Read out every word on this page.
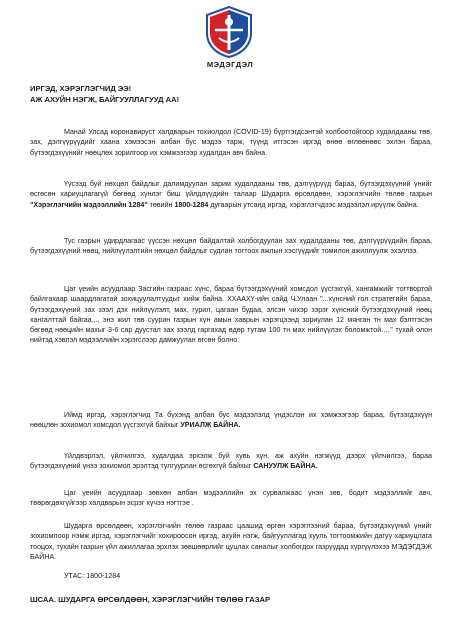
МЭДЭГДЭЛ
ИРГЭД, ХЭРЭГЛЭГЧИД ЭЭ!
АЖ АХУЙН НЭГЖ, БАЙГУУЛЛАГУУД АА!
Манай Улсад коронавируст халдварын тохиолдол (COVID-19) бүртгэгдсэнтэй холбоотойгоор худалдааны төв, зах, дэлгүүрүүдийг хаана хэмээсэн албан бус мэдээ тарж, түүнд итгэсэн иргэд өнөө өглөөнөөс эхлэн бараа, бүтээгдэхүүнийг нөөцлөх зорилгоор их хэмжээгээр худалдан авч байна.
Үүсээд буй нөхцөл байдлыг далимдуулан зарим худалдааны төв, дэлгүүрүүд бараа, бүтээгдэхүүний үнийг өсгөсөн хариуцлагагүй бөгөөд хүнлэг биш үйлдлүүдийн талаар Шударга өрсөлдөөн, хэрэглэгчийн төлөө газрын "Хэрэглэгчийн мэдээллийн 1284" төвийн 1800-1284 дугаарын утсанд иргэд, хэрэглэгчдээс мэдээлэл ирүүлж байна.
Тус газрын удирдлагаас үүссэн нөхцөл байдалтай холбогдуулан зах худалдааны төв, дэлгүүрүүдийн бараа, бүтээгдэхүүний нөөц, нийлүүлэлтийн нөхцөл байдлыг судлан тогтоох ажлын хэсгүүдийг томилон ажиллуулж эхэллээ.
Цаг үеийн асуудлаар Засгийн газраас хүнс, бараа бүтээгдэхүүний хомсдол үүсгэхгүй, хангамжийг тогтвортой байлгахаар шаардлагатай зохицуулалтуудыг хийж байна. ХХААХҮ-ийн сайд Ч.Улаан "...хүнсний гол стратегийн бараа, бүтээгдэхүүний зах зээл дэх нийлүүлэлт, мах, гурил, цагаан будаа, элсэн чихэр зэрэг хүнсний бүтээгдэхүүний нөөц хангалттай байгаа..., энэ жил төв суурин газрын хүн амын хаврын хэрэгцээнд зориулан 12 мянган тн мах бэлтгэсэн бөгөөд нөөцийн махыг 3-6 сар дуустал зах зээлд гаргахад өдөр тутам 100 тн мах нийлүүлэх боломжтой.…" тухай олон нийтэд хэвлэл мэдээллийн хэрэгслээр дамжуулан өгсөн болно.
Иймд иргэд, хэрэглэгчид Та бүхэнд албан бус мэдээлэлд үндэслэн их хэмжээгээр бараа, бүтээгдэхүүн нөөцлөн зохиомол хомсдол үүсгэхгүй байхыг УРИАЛЖ БАЙНА.
Үйлдвэрлэл, үйлчилгээ, худалдаа эрхэлж буй хувь хүн, аж ахуйн нэгжүүд дээрх үйлчилгээ, бараа бүтээгдэхүүний үнээ зохиомол эрэлтэд тулгуурлан өсгөхгүй байхыг САНУУЛЖ БАЙНА.
Цаг үеийн асуудлаар зөвхөн албан мэдээллийн эх сурвалжаас үнэн зөв, бодит мэдээллийг авч, төөрөгдөхгүйгээр халдварын эсрэг хүчээ нэгтгэе .
Шударга өрсөлдөөн, хэрэглэгчийн төлөө газраас цаашид өргөн хэрэглээний бараа, бүтээгдэхүүний үнийг зохиомлоор нэмж иргэд, хэрэглэгчийг хохироосон иргэд, ахуйн нэгж, байгууллагад хууль тогтоомжийн дагуу хариуцлага тооцох, тухайн газрын үйл ажиллагаа эрхлэх зөвшөөрлийг цуцлах саналыг холбогдох газруудад хүргүүлэхээ МЭДЭГДЭЖ БАЙНА.
УТАС: 1800-1284
ШСАА. ШУДАРГА ӨРСӨЛДӨӨН, ХЭРЭГЛЭГЧИЙН ТӨЛӨӨ ГАЗАР
